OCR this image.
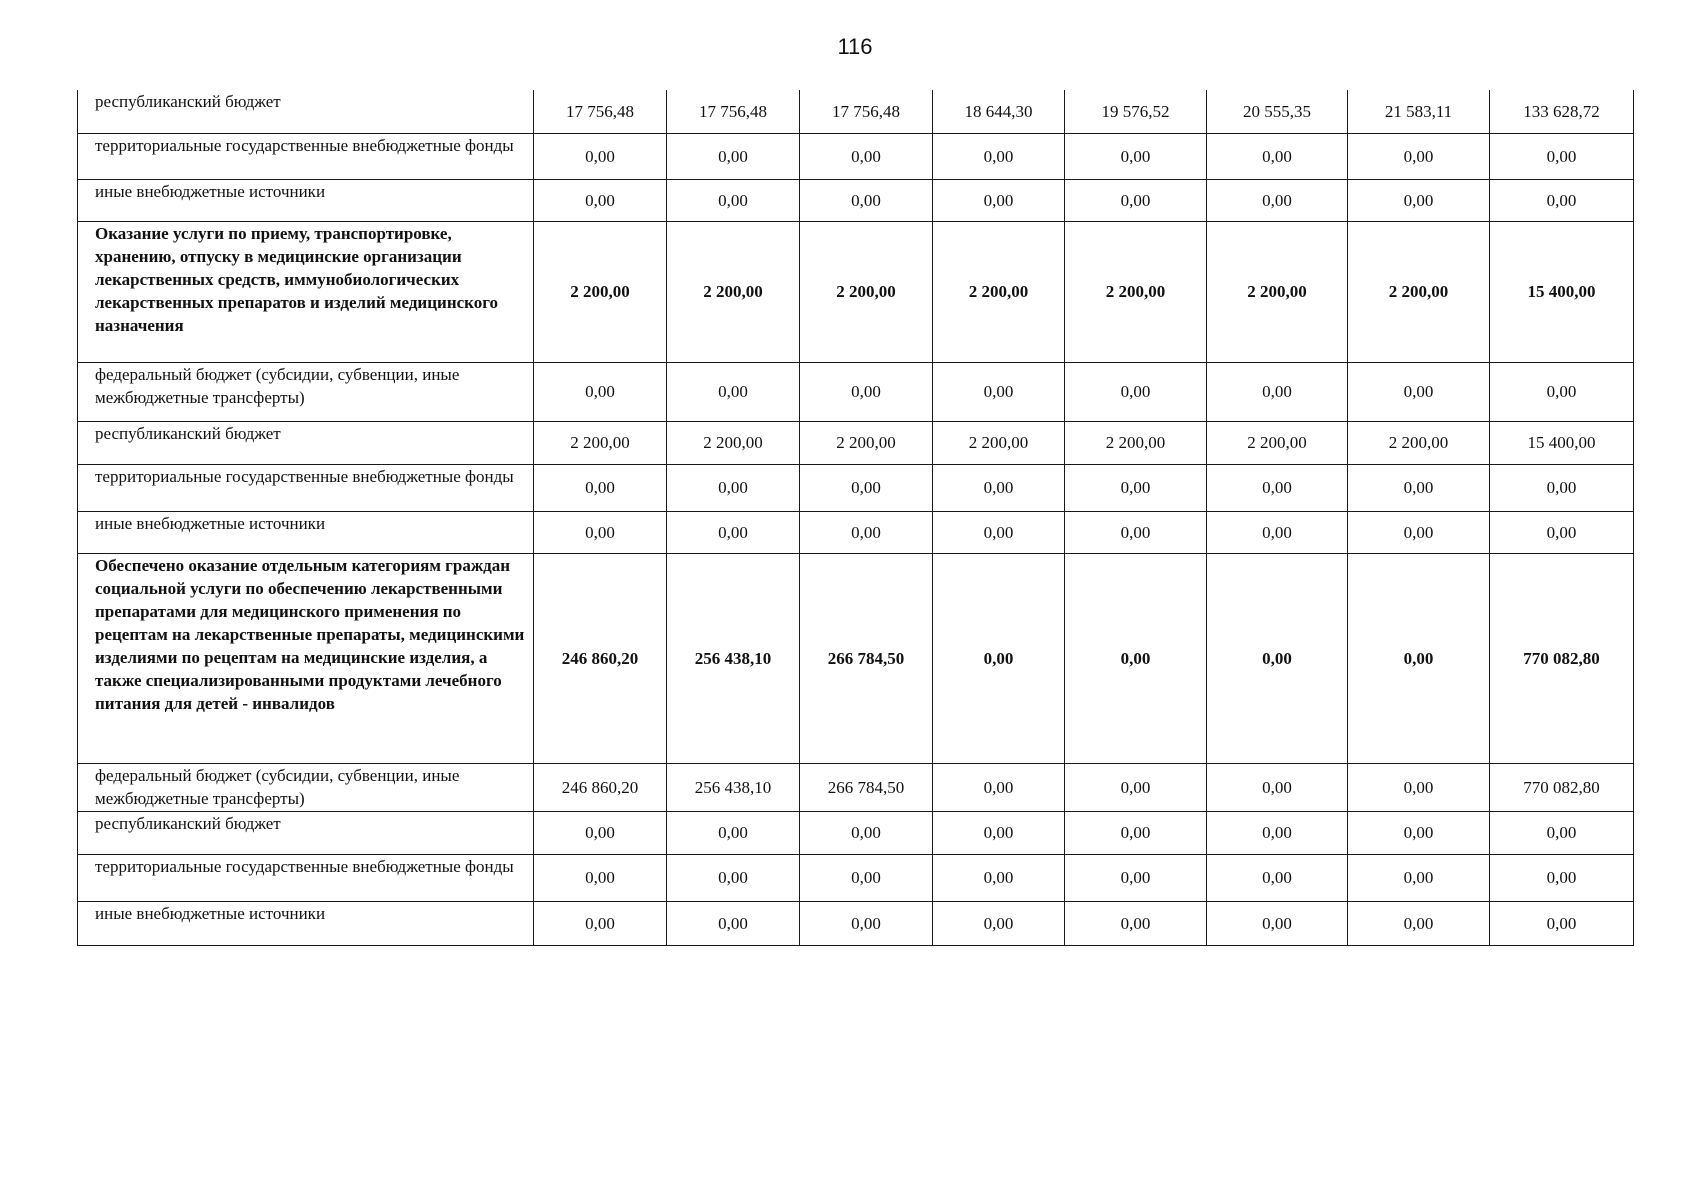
116
республиканский бюджет	17 756,48	17 756,48	17 756,48	18 644,30	19 576,52	20 555,35	21 583,11	133 628,72
территориальные государственные внебюджетные фонды	0,00	0,00	0,00	0,00	0,00	0,00	0,00	0,00
иные внебюджетные источники	0,00	0,00	0,00	0,00	0,00	0,00	0,00	0,00
Оказание услуги по приему, транспортировке, хранению, отпуску в медицинские организации лекарственных средств, иммунобиологических лекарственных препаратов и изделий медицинского назначения	2 200,00	2 200,00	2 200,00	2 200,00	2 200,00	2 200,00	2 200,00	15 400,00
федеральный бюджет (субсидии, субвенции, иные межбюджетные трансферты)	0,00	0,00	0,00	0,00	0,00	0,00	0,00	0,00
республиканский бюджет	2 200,00	2 200,00	2 200,00	2 200,00	2 200,00	2 200,00	2 200,00	15 400,00
территориальные государственные внебюджетные фонды	0,00	0,00	0,00	0,00	0,00	0,00	0,00	0,00
иные внебюджетные источники	0,00	0,00	0,00	0,00	0,00	0,00	0,00	0,00
Обеспечено оказание отдельным категориям граждан социальной услуги по обеспечению лекарственными препаратами для медицинского применения по рецептам на лекарственные препараты, медицинскими изделиями по рецептам на медицинские изделия, а также специализированными продуктами лечебного питания для детей - инвалидов	246 860,20	256 438,10	266 784,50	0,00	0,00	0,00	0,00	770 082,80
федеральный бюджет (субсидии, субвенции, иные межбюджетные трансферты)	246 860,20	256 438,10	266 784,50	0,00	0,00	0,00	0,00	770 082,80
республиканский бюджет	0,00	0,00	0,00	0,00	0,00	0,00	0,00	0,00
территориальные государственные внебюджетные фонды	0,00	0,00	0,00	0,00	0,00	0,00	0,00	0,00
иные внебюджетные источники	0,00	0,00	0,00	0,00	0,00	0,00	0,00	0,00
